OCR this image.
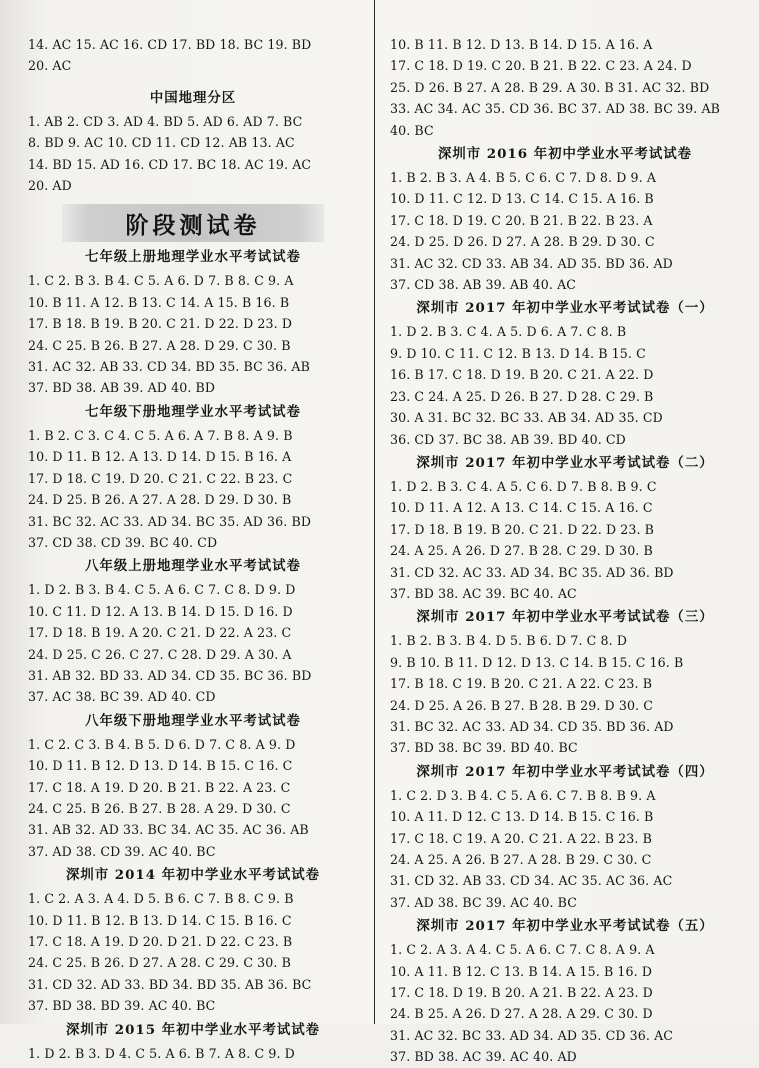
14. AC 15. AC 16. CD 17. BD 18. BC 19. BD
20. AC
中国地理分区
1. AB 2. CD 3. AD 4. BD 5. AD 6. AD 7. BC
8. BD 9. AC 10. CD 11. CD 12. AB 13. AC
14. BD 15. AD 16. CD 17. BC 18. AC 19. AC
20. AD
阶段测试卷
七年级上册地理学业水平考试试卷
1. C 2. B 3. B 4. C 5. A 6. D 7. B 8. C 9. A
10. B 11. A 12. B 13. C 14. A 15. B 16. B
17. B 18. B 19. B 20. C 21. D 22. D 23. D
24. C 25. B 26. B 27. A 28. D 29. C 30. B
31. AC 32. AB 33. CD 34. BD 35. BC 36. AB
37. BD 38. AB 39. AD 40. BD
七年级下册地理学业水平考试试卷
1. B 2. C 3. C 4. C 5. A 6. A 7. B 8. A 9. B
10. D 11. B 12. A 13. D 14. D 15. B 16. A
17. D 18. C 19. D 20. C 21. C 22. B 23. C
24. D 25. B 26. A 27. A 28. D 29. D 30. B
31. BC 32. AC 33. AD 34. BC 35. AD 36. BD
37. CD 38. CD 39. BC 40. CD
八年级上册地理学业水平考试试卷
1. D 2. B 3. B 4. C 5. A 6. C 7. C 8. D 9. D
10. C 11. D 12. A 13. B 14. D 15. D 16. D
17. D 18. B 19. A 20. C 21. D 22. A 23. C
24. D 25. C 26. C 27. C 28. D 29. A 30. A
31. AB 32. BD 33. AD 34. CD 35. BC 36. BD
37. AC 38. BC 39. AD 40. CD
八年级下册地理学业水平考试试卷
1. C 2. C 3. B 4. B 5. D 6. D 7. C 8. A 9. D
10. D 11. B 12. D 13. D 14. B 15. C 16. C
17. C 18. A 19. D 20. B 21. B 22. A 23. C
24. C 25. B 26. B 27. B 28. A 29. D 30. C
31. AB 32. AD 33. BC 34. AC 35. AC 36. AB
37. AD 38. CD 39. AC 40. BC
深圳市 2014 年初中学业水平考试试卷
1. C 2. A 3. A 4. D 5. B 6. C 7. B 8. C 9. B
10. D 11. B 12. B 13. D 14. C 15. B 16. C
17. C 18. A 19. D 20. D 21. D 22. C 23. B
24. C 25. B 26. D 27. A 28. C 29. C 30. B
31. CD 32. AD 33. BD 34. BD 35. AB 36. BC
37. BD 38. BD 39. AC 40. BC
深圳市 2015 年初中学业水平考试试卷
1. D 2. B 3. D 4. C 5. A 6. B 7. A 8. C 9. D
10. B 11. B 12. D 13. B 14. D 15. A 16. A
17. C 18. D 19. C 20. B 21. B 22. C 23. A 24. D
25. D 26. B 27. A 28. B 29. A 30. B 31. AC 32. BD
33. AC 34. AC 35. CD 36. BC 37. AD 38. BC 39. AB
40. BC
深圳市 2016 年初中学业水平考试试卷
1. B 2. B 3. A 4. B 5. C 6. C 7. D 8. D 9. A
10. D 11. C 12. D 13. C 14. C 15. A 16. B
17. C 18. D 19. C 20. B 21. B 22. B 23. A
24. D 25. D 26. D 27. A 28. B 29. D 30. C
31. AC 32. CD 33. AB 34. AD 35. BD 36. AD
37. CD 38. AB 39. AB 40. AC
深圳市 2017 年初中学业水平考试试卷（一）
1. D 2. B 3. C 4. A 5. D 6. A 7. C 8. B
9. D 10. C 11. C 12. B 13. D 14. B 15. C
16. B 17. C 18. D 19. B 20. C 21. A 22. D
23. C 24. A 25. D 26. B 27. D 28. C 29. B
30. A 31. BC 32. BC 33. AB 34. AD 35. CD
36. CD 37. BC 38. AB 39. BD 40. CD
深圳市 2017 年初中学业水平考试试卷（二）
1. D 2. B 3. C 4. A 5. C 6. D 7. B 8. B 9. C
10. D 11. A 12. A 13. C 14. C 15. A 16. C
17. D 18. B 19. B 20. C 21. D 22. D 23. B
24. A 25. A 26. D 27. B 28. C 29. D 30. B
31. CD 32. AC 33. AD 34. BC 35. AD 36. BD
37. BD 38. AC 39. BC 40. AC
深圳市 2017 年初中学业水平考试试卷（三）
1. B 2. B 3. B 4. D 5. B 6. D 7. C 8. D
9. B 10. B 11. D 12. D 13. C 14. B 15. C 16. B
17. B 18. C 19. B 20. C 21. A 22. C 23. B
24. D 25. A 26. B 27. B 28. B 29. D 30. C
31. BC 32. AC 33. AD 34. CD 35. BD 36. AD
37. BD 38. BC 39. BD 40. BC
深圳市 2017 年初中学业水平考试试卷（四）
1. C 2. D 3. B 4. C 5. A 6. C 7. B 8. B 9. A
10. A 11. D 12. C 13. D 14. B 15. C 16. B
17. C 18. C 19. A 20. C 21. A 22. B 23. B
24. A 25. A 26. B 27. A 28. B 29. C 30. C
31. CD 32. AB 33. CD 34. AC 35. AC 36. AC
37. AD 38. BC 39. AC 40. BC
深圳市 2017 年初中学业水平考试试卷（五）
1. C 2. A 3. A 4. C 5. A 6. C 7. C 8. A 9. A
10. A 11. B 12. C 13. B 14. A 15. B 16. D
17. C 18. D 19. B 20. A 21. B 22. A 23. D
24. B 25. A 26. D 27. A 28. A 29. C 30. D
31. AC 32. BC 33. AD 34. AD 35. CD 36. AC
37. BD 38. AC 39. AC 40. AD
